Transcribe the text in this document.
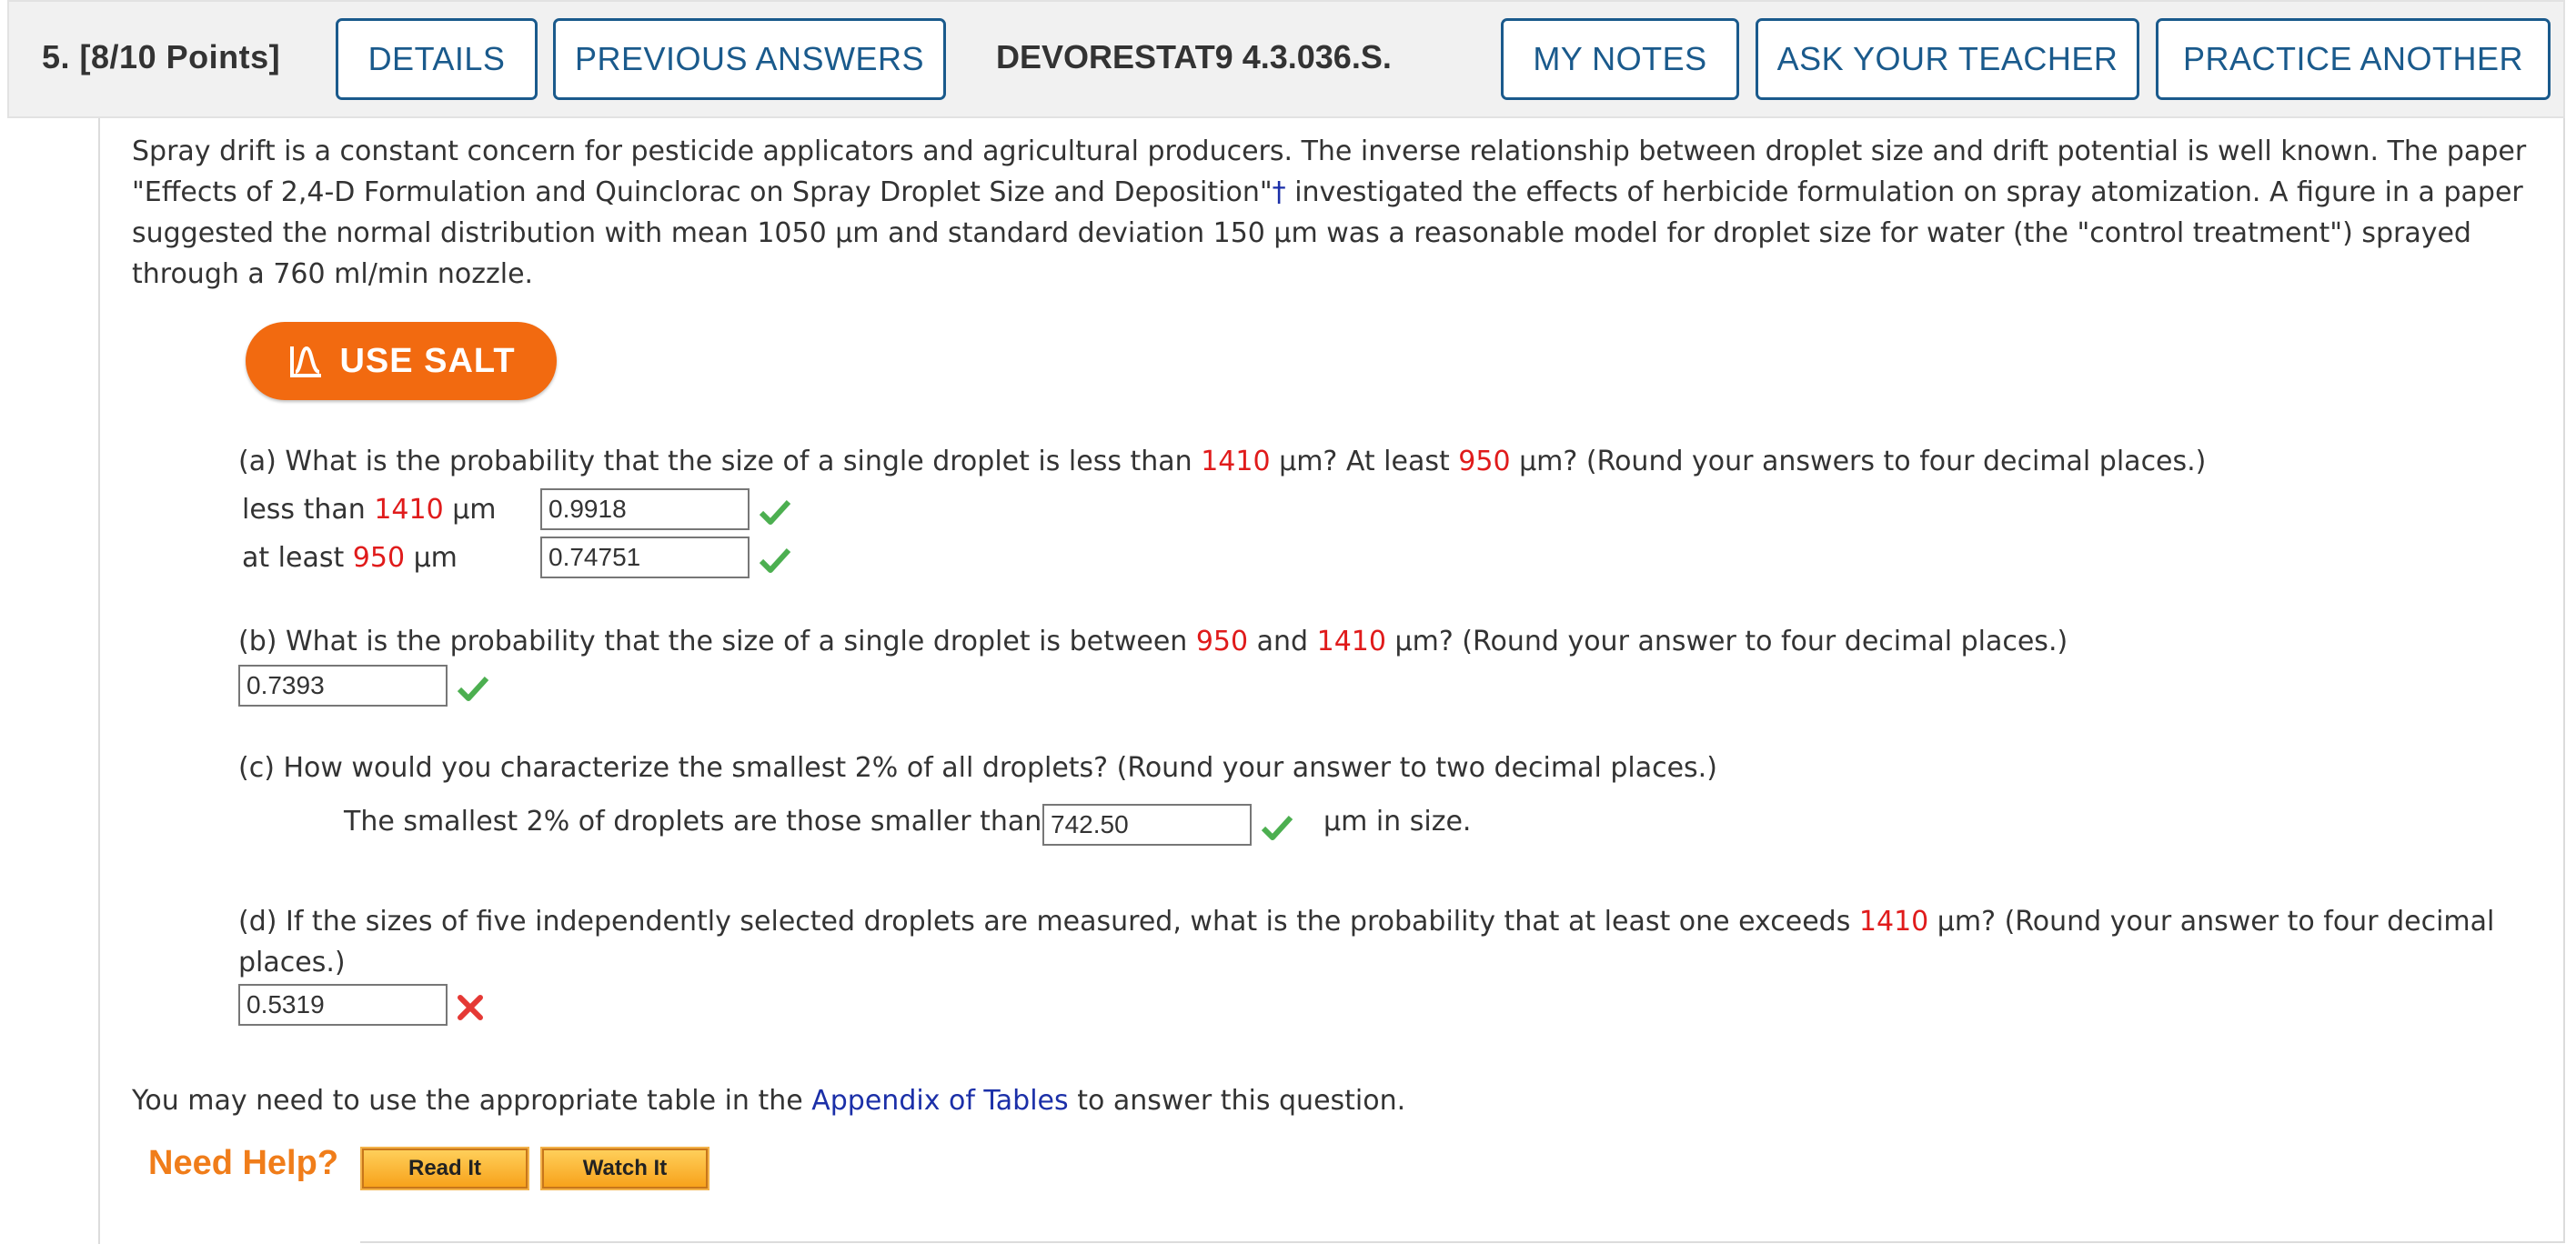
5. [8/10 Points]	DETAILS	PREVIOUS ANSWERS	DEVORESTAT9 4.3.036.S.	MY NOTES	ASK YOUR TEACHER	PRACTICE ANOTHER
Spray drift is a constant concern for pesticide applicators and agricultural producers. The inverse relationship between droplet size and drift potential is well known. The paper "Effects of 2,4-D Formulation and Quinclorac on Spray Droplet Size and Deposition"† investigated the effects of herbicide formulation on spray atomization. A figure in a paper suggested the normal distribution with mean 1050 μm and standard deviation 150 μm was a reasonable model for droplet size for water (the "control treatment") sprayed through a 760 ml/min nozzle.
USE SALT
(a) What is the probability that the size of a single droplet is less than 1410 μm? At least 950 μm? (Round your answers to four decimal places.)
less than 1410 μm	0.9918
at least 950 μm	0.74751
(b) What is the probability that the size of a single droplet is between 950 and 1410 μm? (Round your answer to four decimal places.)
0.7393
(c) How would you characterize the smallest 2% of all droplets? (Round your answer to two decimal places.)
The smallest 2% of droplets are those smaller than 742.50	μm in size.
(d) If the sizes of five independently selected droplets are measured, what is the probability that at least one exceeds 1410 μm? (Round your answer to four decimal
places.)
0.5319
You may need to use the appropriate table in the Appendix of Tables to answer this question.
Need Help?	Read It	Watch It
